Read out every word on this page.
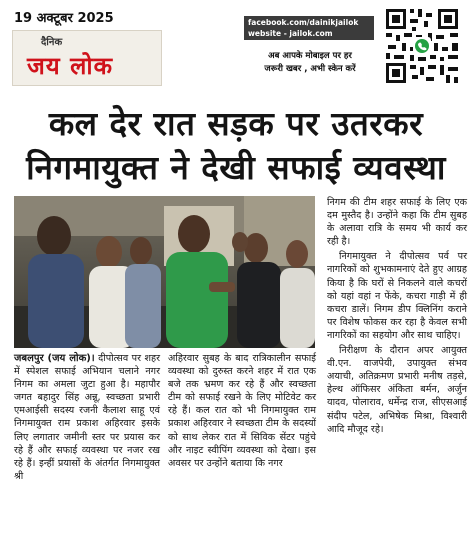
19 अक्टूबर 2025
दैनिक
जय लोक
facebook.com/dainikjailok
website - jailok.com
अब आपके मोबाइल पर हर
जरूरी खबर , अभी स्केन करें
कल देर रात सड़क पर उतरकर
निगमायुक्त ने देखी सफाई व्यवस्था

जबलपुर (जय लोक)। दीपोत्सव पर शहर में स्पेशल सफाई अभियान चलाने नगर निगम का अमला जुटा हुआ है। महापौर जगत बहादुर सिंह अन्नू, स्वच्छता प्रभारी एमआईसी सदस्य रजनी कैलाश साहू एवं निगमायुक्त राम प्रकाश अहिरवार इसके लिए लगातार जमीनी स्तर पर प्रयास कर रहे हैं और सफाई व्यवस्था पर नजर रख रहे हैं। इन्हीं प्रयासों के अंतर्गत निगमायुक्त श्री

अहिरवार सुबह के बाद रात्रिकालीन सफाई व्यवस्था को दुरुस्त करने शहर में रात एक बजे तक भ्रमण कर रहे हैं और स्वच्छता टीम को सफाई रखने के लिए मोटिवेट कर रहे हैं। कल रात को भी निगमायुक्त राम प्रकाश अहिरवार ने स्वच्छता टीम के सदस्यों को साथ लेकर रात में सिविक सेंटर पहुंचे और नाइट स्वीपिंग व्यवस्था को देखा। इस अवसर पर उन्होंने बताया कि नगर

निगम की टीम शहर सफाई के लिए एक दम मुस्तैद है। उन्होंने कहा कि टीम सुबह के अलावा रात्रि के समय भी कार्य कर रही है।

निगमायुक्त ने दीपोत्सव पर्व पर नागरिकों को शुभकामनाएं देते हुए आग्रह किया है कि घरों से निकलने वाले कचरों को यहां वहां न फेंके, कचरा गाड़ी में ही कचरा डालें। निगम डीप क्लिनिंग कराने पर विशेष फोकस कर रहा है केवल सभी नागरिकों का सहयोग और साथ चाहिए।

निरीक्षण के दौरान अपर आयुक्त वी.एन. वाजपेयी, उपायुक्त संभव अयाची, अतिक्रमण प्रभारी मनीष तड़से, हेल्थ ऑफिसर अंकिता बर्मन, अर्जुन यादव, पोलाराव, धर्मेन्द्र राज, सीएसआई संदीप पटेल, अभिषेक मिश्रा, विश्वारी आदि मौजूद रहे।
